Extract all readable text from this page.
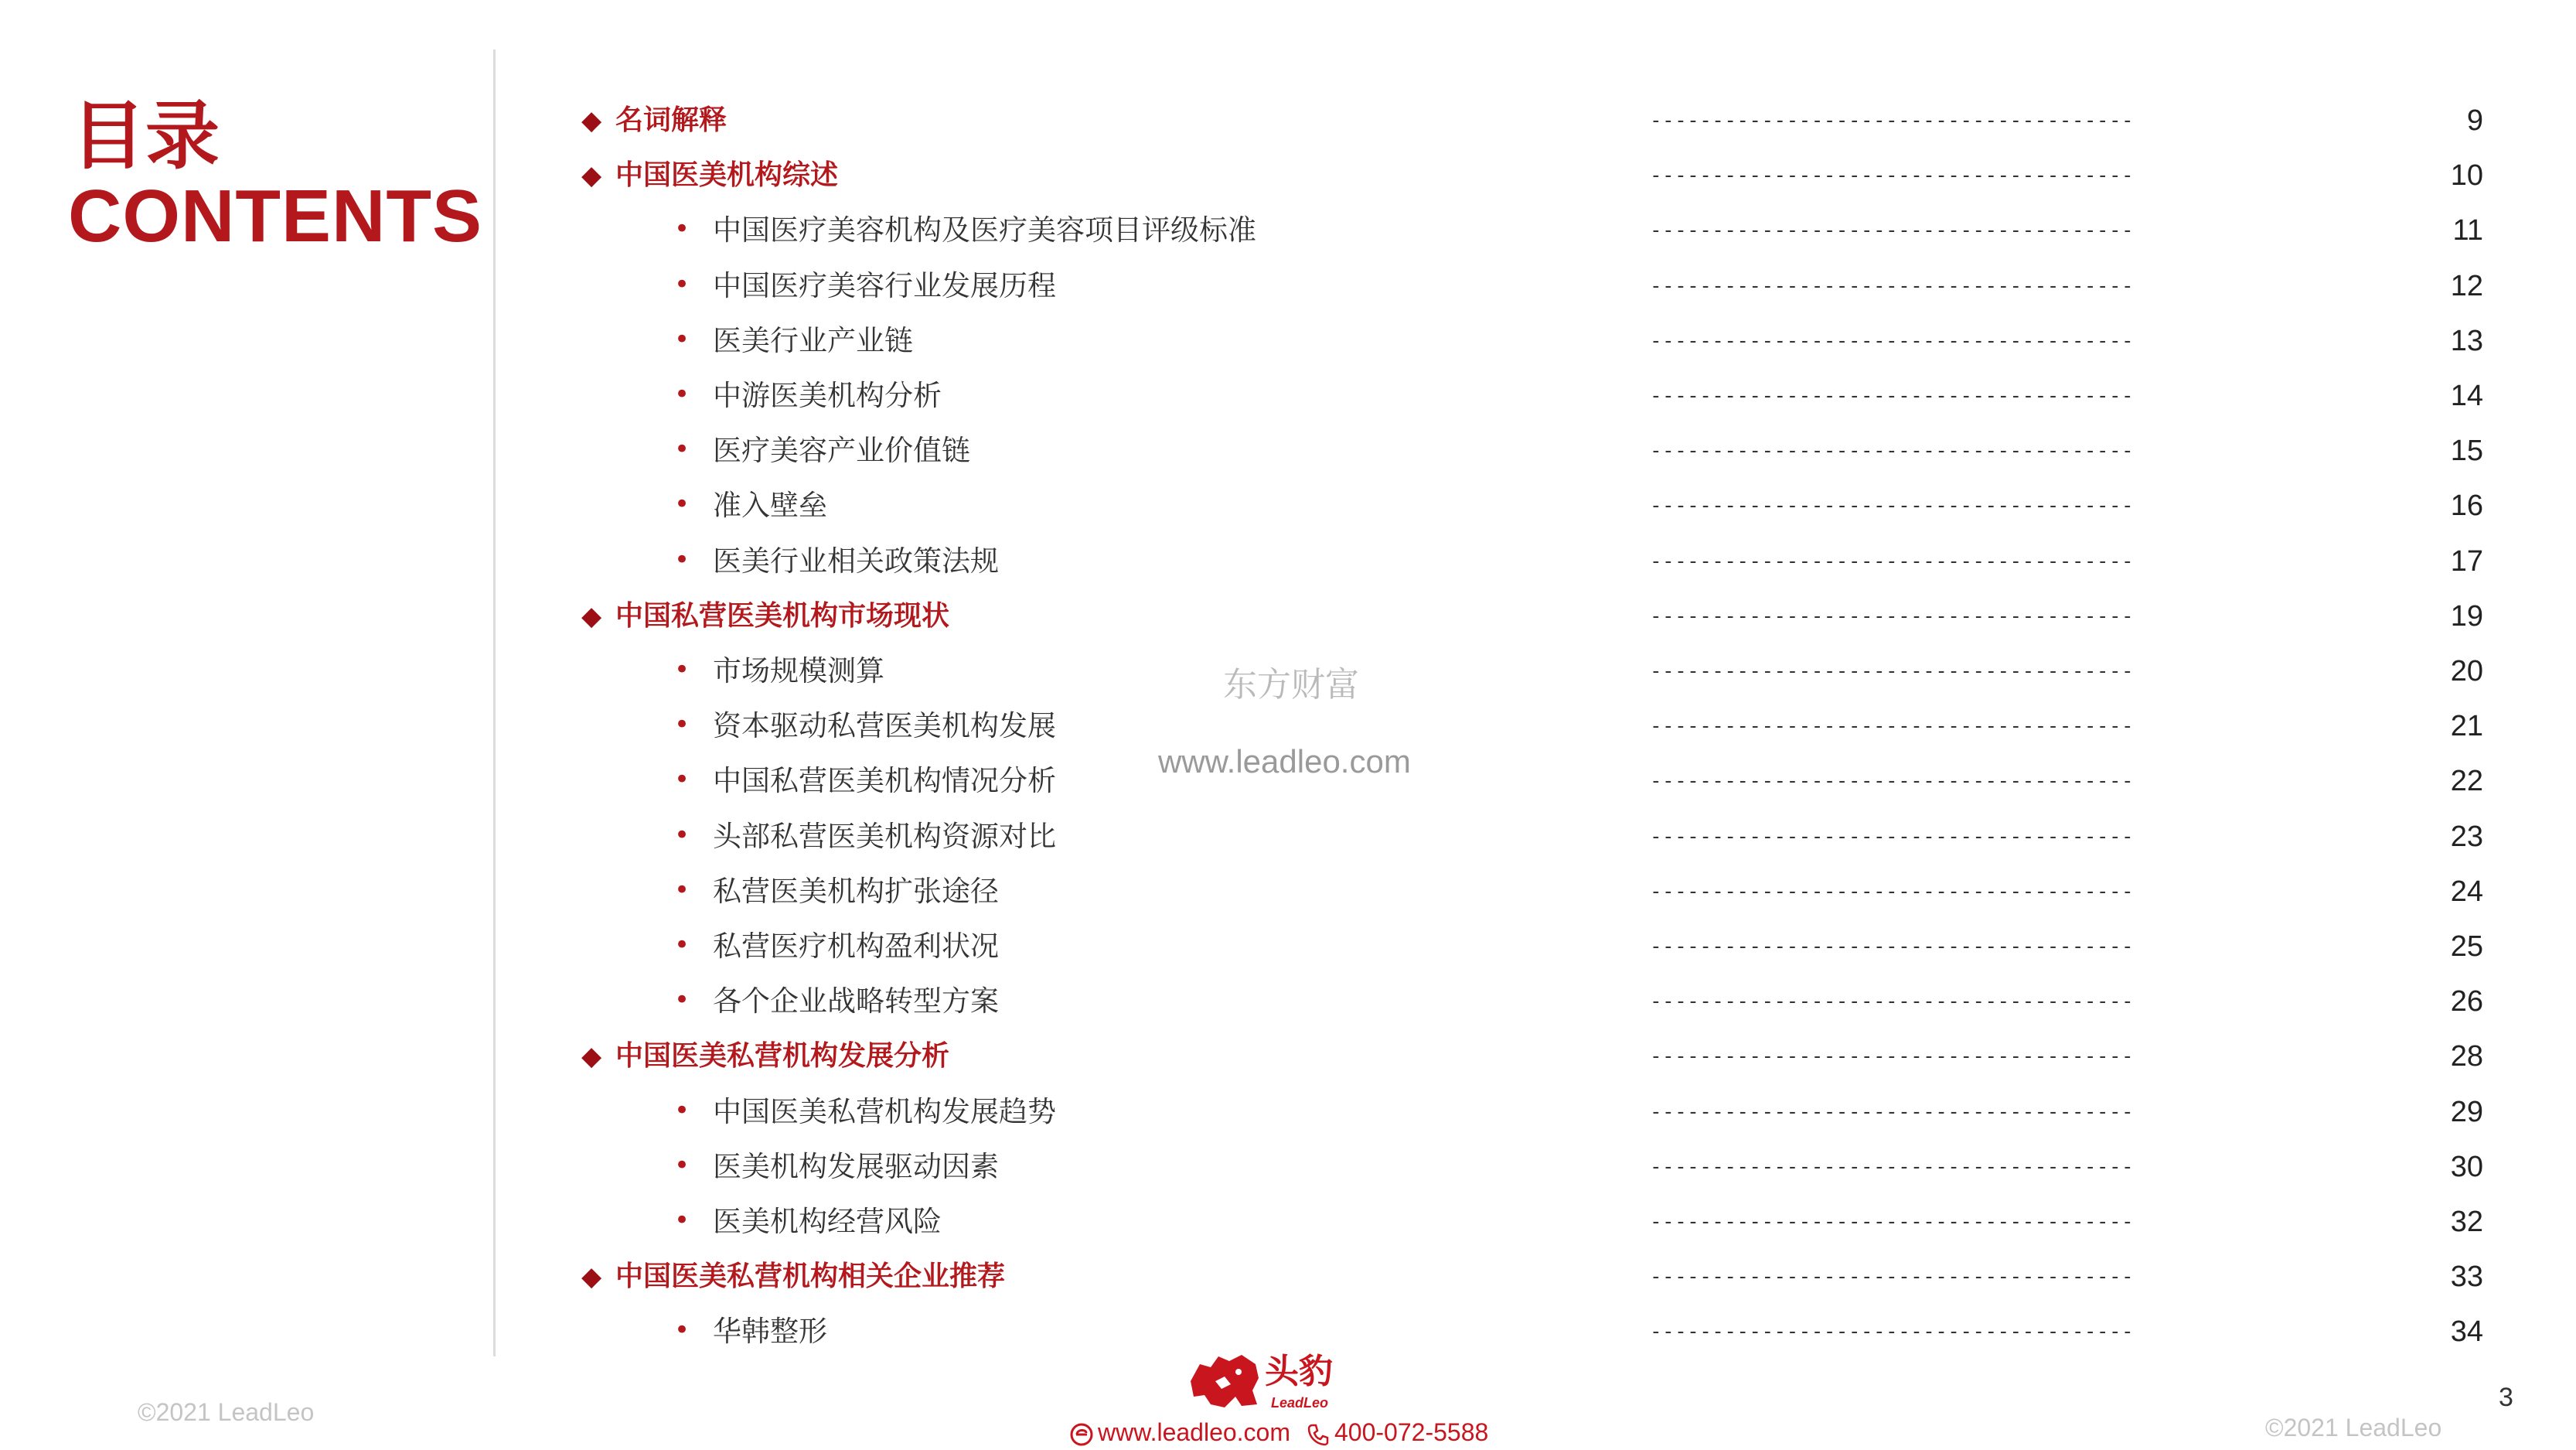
目录
CONTENTS
◆ 名词解释	---------------------------------------	9
◆ 中国医美机构综述	---------------------------------------	10
• 中国医疗美容机构及医疗美容项目评级标准	---------------------------------------	11
• 中国医疗美容行业发展历程	---------------------------------------	12
• 医美行业产业链	---------------------------------------	13
• 中游医美机构分析	---------------------------------------	14
• 医疗美容产业价值链	---------------------------------------	15
• 准入壁垒	---------------------------------------	16
• 医美行业相关政策法规	---------------------------------------	17
◆ 中国私营医美机构市场现状	---------------------------------------	19
• 市场规模测算	---------------------------------------	20
• 资本驱动私营医美机构发展	---------------------------------------	21
• 中国私营医美机构情况分析	---------------------------------------	22
• 头部私营医美机构资源对比	---------------------------------------	23
• 私营医美机构扩张途径	---------------------------------------	24
• 私营医疗机构盈利状况	---------------------------------------	25
• 各个企业战略转型方案	---------------------------------------	26
◆ 中国医美私营机构发展分析	---------------------------------------	28
• 中国医美私营机构发展趋势	---------------------------------------	29
• 医美机构发展驱动因素	---------------------------------------	30
• 医美机构经营风险	---------------------------------------	32
◆ 中国医美私营机构相关企业推荐	---------------------------------------	33
• 华韩整形	---------------------------------------	34
东方财富
www.leadleo.com
©2021 LeadLeo
©2021 LeadLeo
3
头豹
LeadLeo
www.leadleo.com	400-072-5588
